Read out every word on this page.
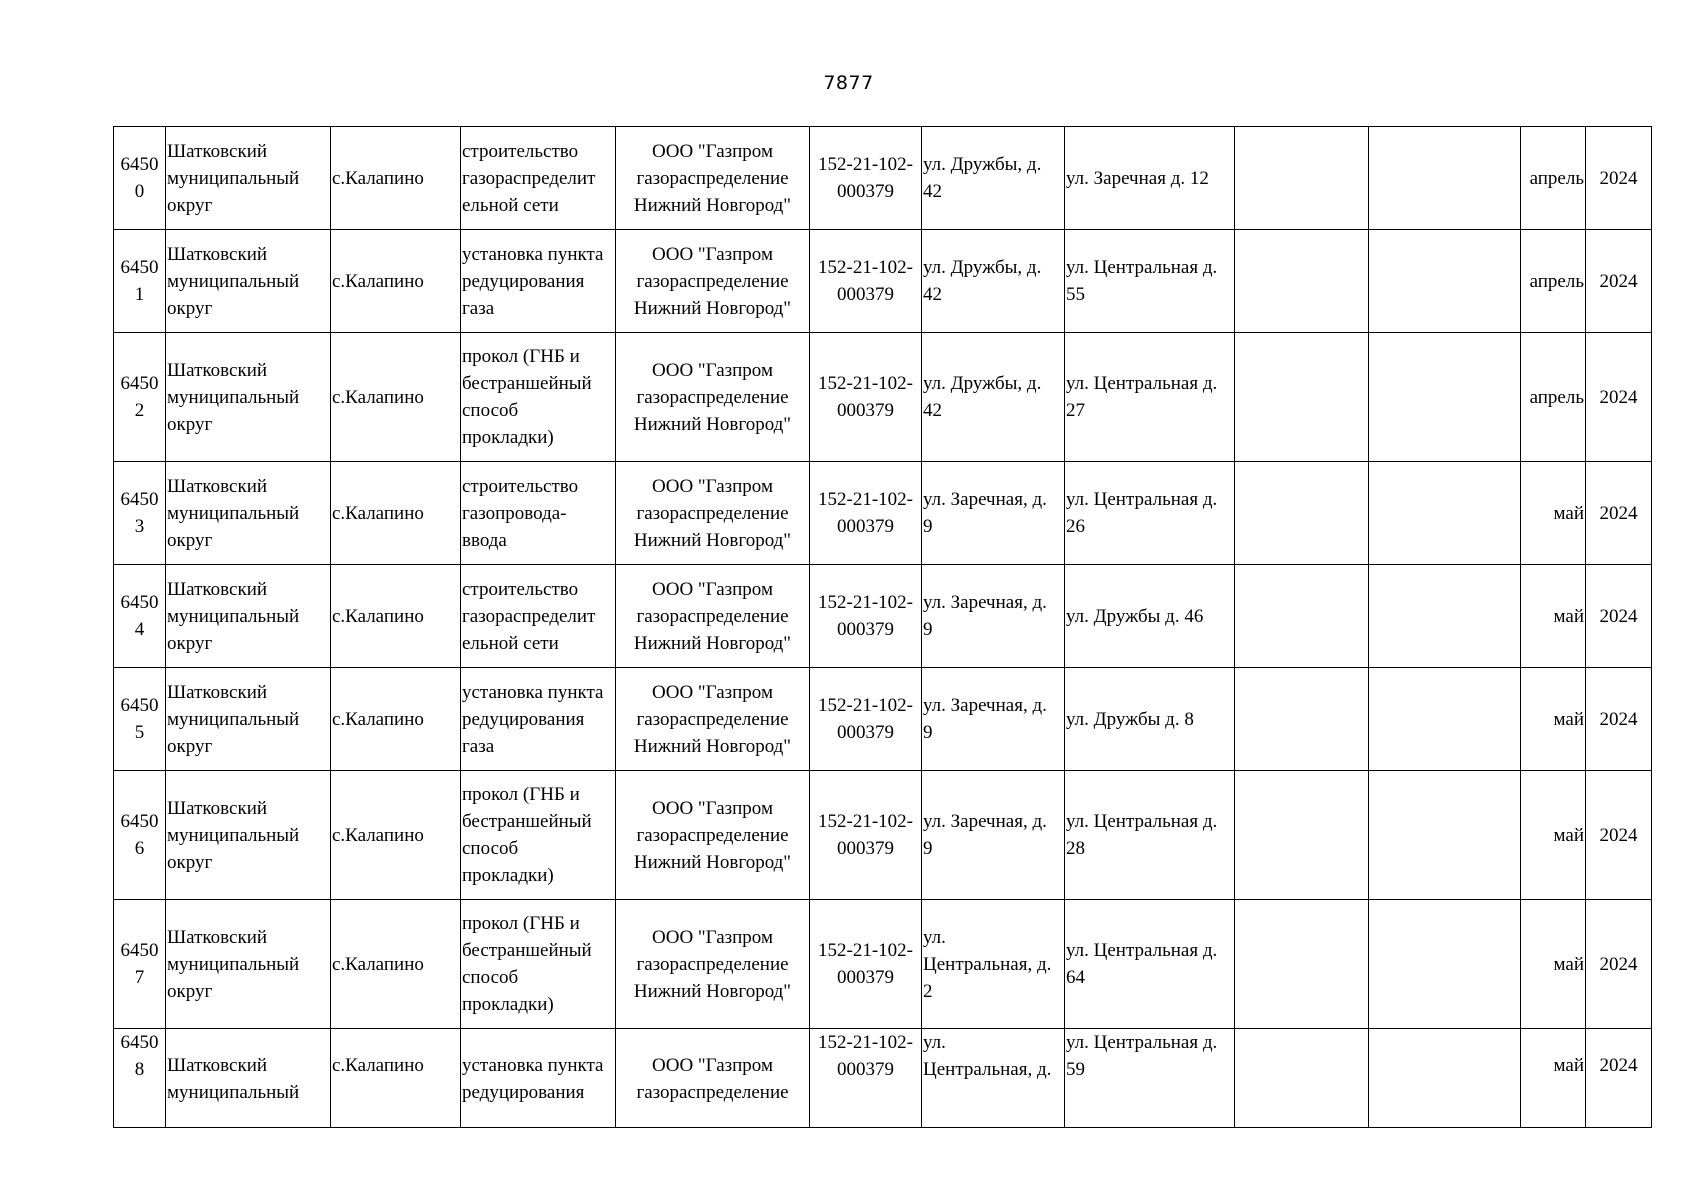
7877
6450
0	Шатковский
муниципальный
округ	с.Калапино	строительство
газораспределит
ельной сети	ООО "Газпром
газораспределение
Нижний Новгород"	152-21-102-
000379	ул. Дружбы, д.
42	ул. Заречная д. 12			апрель	2024
6450
1	Шатковский
муниципальный
округ	с.Калапино	установка пункта
редуцирования
газа	ООО "Газпром
газораспределение
Нижний Новгород"	152-21-102-
000379	ул. Дружбы, д.
42	ул. Центральная д.
55			апрель	2024
6450
2	Шатковский
муниципальный
округ	с.Калапино	прокол (ГНБ и
бестраншейный
способ
прокладки)	ООО "Газпром
газораспределение
Нижний Новгород"	152-21-102-
000379	ул. Дружбы, д.
42	ул. Центральная д.
27			апрель	2024
6450
3	Шатковский
муниципальный
округ	с.Калапино	строительство
газопровода-
ввода	ООО "Газпром
газораспределение
Нижний Новгород"	152-21-102-
000379	ул. Заречная, д.
9	ул. Центральная д.
26			май	2024
6450
4	Шатковский
муниципальный
округ	с.Калапино	строительство
газораспределит
ельной сети	ООО "Газпром
газораспределение
Нижний Новгород"	152-21-102-
000379	ул. Заречная, д.
9	ул. Дружбы д. 46			май	2024
6450
5	Шатковский
муниципальный
округ	с.Калапино	установка пункта
редуцирования
газа	ООО "Газпром
газораспределение
Нижний Новгород"	152-21-102-
000379	ул. Заречная, д.
9	ул. Дружбы д. 8			май	2024
6450
6	Шатковский
муниципальный
округ	с.Калапино	прокол (ГНБ и
бестраншейный
способ
прокладки)	ООО "Газпром
газораспределение
Нижний Новгород"	152-21-102-
000379	ул. Заречная, д.
9	ул. Центральная д.
28			май	2024
6450
7	Шатковский
муниципальный
округ	с.Калапино	прокол (ГНБ и
бестраншейный
способ
прокладки)	ООО "Газпром
газораспределение
Нижний Новгород"	152-21-102-
000379	ул.
Центральная, д.
2	ул. Центральная д.
64			май	2024
6450
8	Шатковский
муниципальный	с.Калапино	установка пункта
редуцирования	ООО "Газпром
газораспределение	152-21-102-
000379	ул.
Центральная, д.	ул. Центральная д.
59			май	2024
